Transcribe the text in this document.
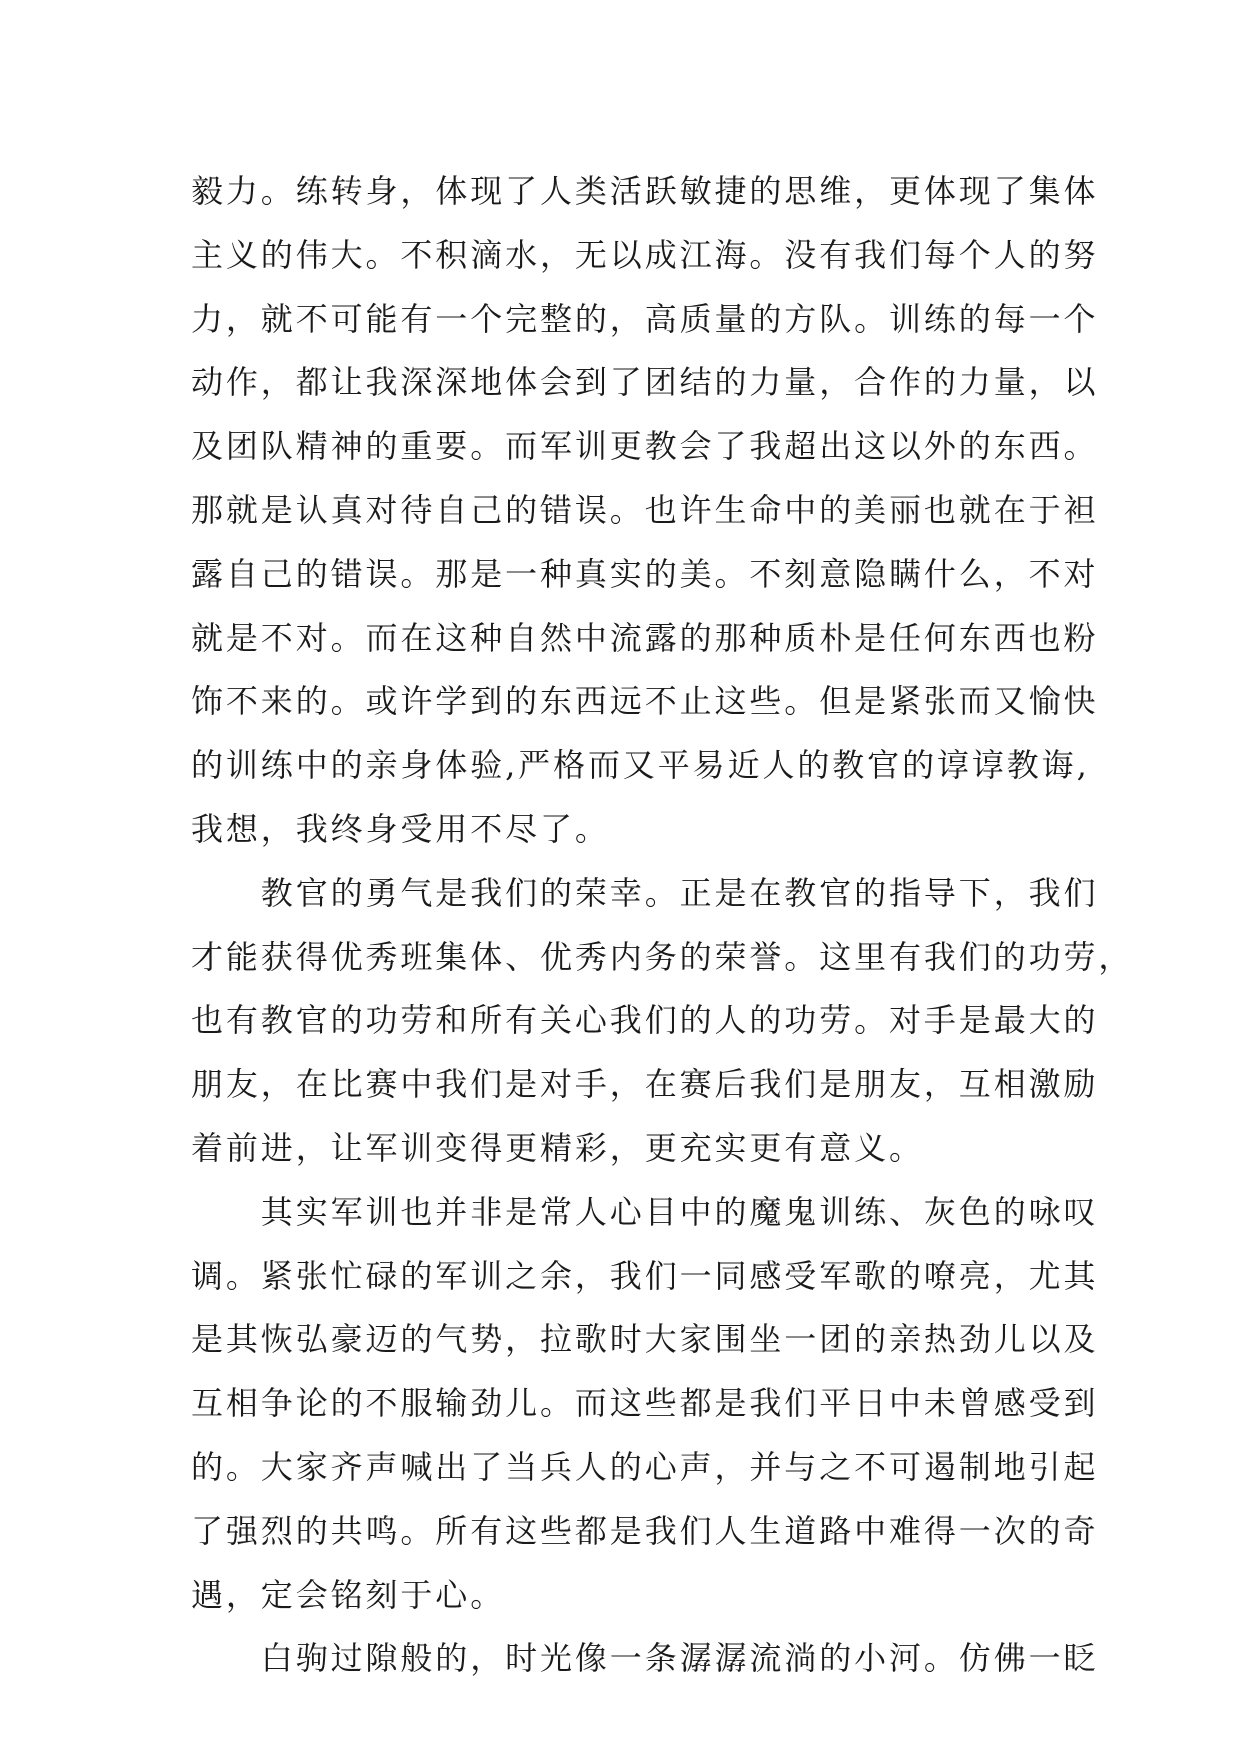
毅力。练转身，体现了人类活跃敏捷的思维，更体现了集体
主义的伟大。不积滴水，无以成江海。没有我们每个人的努
力，就不可能有一个完整的，高质量的方队。训练的每一个
动作，都让我深深地体会到了团结的力量，合作的力量，以
及团队精神的重要。而军训更教会了我超出这以外的东西。
那就是认真对待自己的错误。也许生命中的美丽也就在于袒
露自己的错误。那是一种真实的美。不刻意隐瞒什么，不对
就是不对。而在这种自然中流露的那种质朴是任何东西也粉
饰不来的。或许学到的东西远不止这些。但是紧张而又愉快
的训练中的亲身体验,严格而又平易近人的教官的谆谆教诲,
我想，我终身受用不尽了。
　　教官的勇气是我们的荣幸。正是在教官的指导下，我们
才能获得优秀班集体、优秀内务的荣誉。这里有我们的功劳，
也有教官的功劳和所有关心我们的人的功劳。对手是最大的
朋友，在比赛中我们是对手，在赛后我们是朋友，互相激励
着前进，让军训变得更精彩，更充实更有意义。
　　其实军训也并非是常人心目中的魔鬼训练、灰色的咏叹
调。紧张忙碌的军训之余，我们一同感受军歌的嘹亮，尤其
是其恢弘豪迈的气势，拉歌时大家围坐一团的亲热劲儿以及
互相争论的不服输劲儿。而这些都是我们平日中未曾感受到
的。大家齐声喊出了当兵人的心声，并与之不可遏制地引起
了强烈的共鸣。所有这些都是我们人生道路中难得一次的奇
遇，定会铭刻于心。
　　白驹过隙般的，时光像一条潺潺流淌的小河。仿佛一眨
